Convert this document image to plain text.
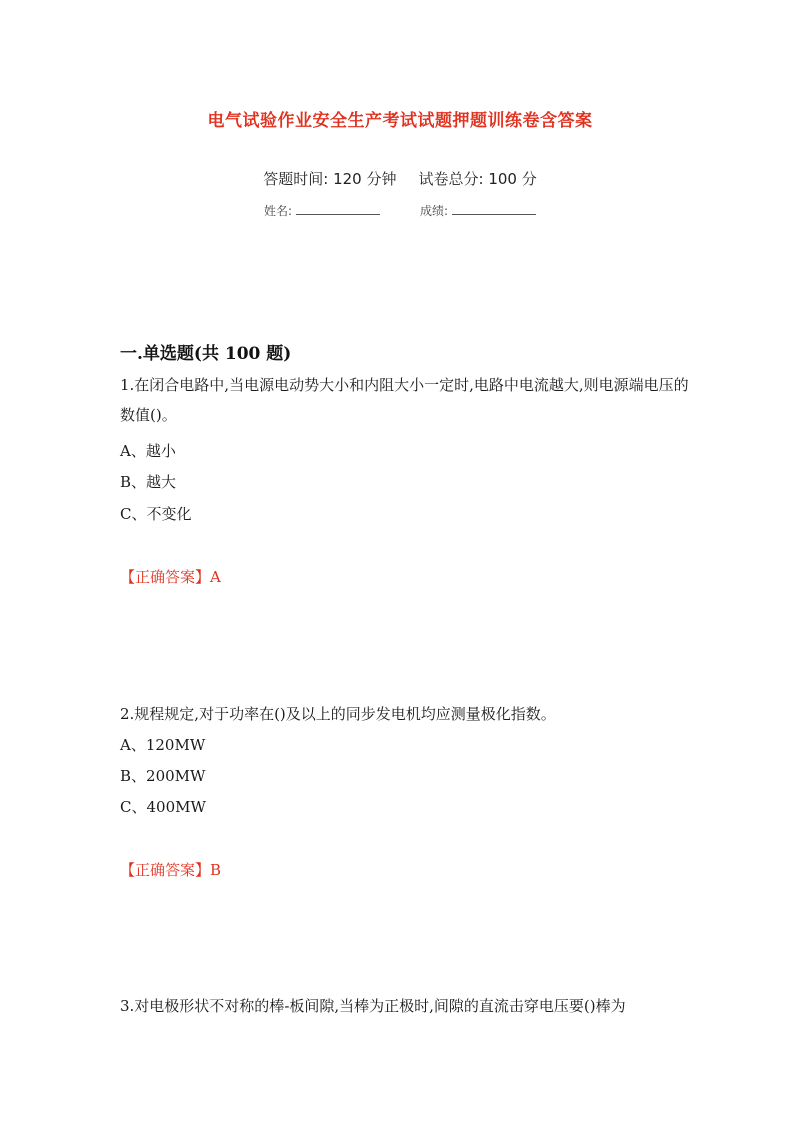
电气试验作业安全生产考试试题押题训练卷含答案
答题时间: 120 分钟 试卷总分: 100 分
姓名:	成绩:
一.单选题(共 100 题)
1.在闭合电路中,当电源电动势大小和内阻大小一定时,电路中电流越大,则电源端电压的数值()。
A、越小
B、越大
C、不变化
【正确答案】A
2.规程规定,对于功率在()及以上的同步发电机均应测量极化指数。
A、120MW
B、200MW
C、400MW
【正确答案】B
3.对电极形状不对称的棒-板间隙,当棒为正极时,间隙的直流击穿电压要()棒为
